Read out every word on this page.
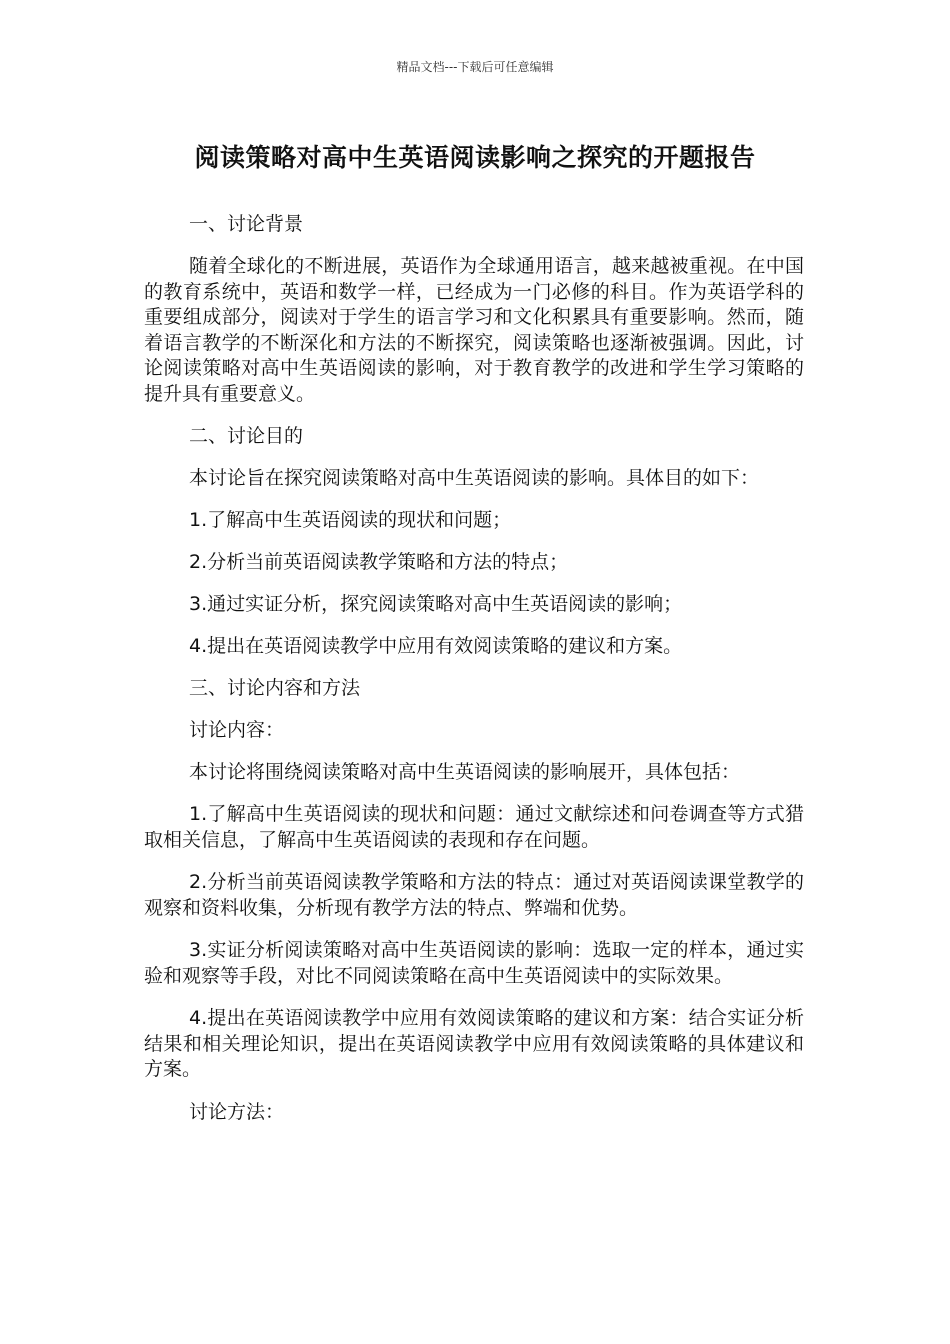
精品文档---下载后可任意编辑
阅读策略对高中生英语阅读影响之探究的开题报告

一、讨论背景

随着全球化的不断进展，英语作为全球通用语言，越来越被重视。在中国的教育系统中，英语和数学一样，已经成为一门必修的科目。作为英语学科的重要组成部分，阅读对于学生的语言学习和文化积累具有重要影响。然而，随着语言教学的不断深化和方法的不断探究，阅读策略也逐渐被强调。因此，讨论阅读策略对高中生英语阅读的影响，对于教育教学的改进和学生学习策略的提升具有重要意义。

二、讨论目的

本讨论旨在探究阅读策略对高中生英语阅读的影响。具体目的如下：

1.了解高中生英语阅读的现状和问题；

2.分析当前英语阅读教学策略和方法的特点；

3.通过实证分析，探究阅读策略对高中生英语阅读的影响；

4.提出在英语阅读教学中应用有效阅读策略的建议和方案。

三、讨论内容和方法

讨论内容：

本讨论将围绕阅读策略对高中生英语阅读的影响展开，具体包括：

1.了解高中生英语阅读的现状和问题：通过文献综述和问卷调查等方式猎取相关信息，了解高中生英语阅读的表现和存在问题。

2.分析当前英语阅读教学策略和方法的特点：通过对英语阅读课堂教学的观察和资料收集，分析现有教学方法的特点、弊端和优势。

3.实证分析阅读策略对高中生英语阅读的影响：选取一定的样本，通过实验和观察等手段，对比不同阅读策略在高中生英语阅读中的实际效果。

4.提出在英语阅读教学中应用有效阅读策略的建议和方案：结合实证分析结果和相关理论知识，提出在英语阅读教学中应用有效阅读策略的具体建议和方案。

讨论方法：
